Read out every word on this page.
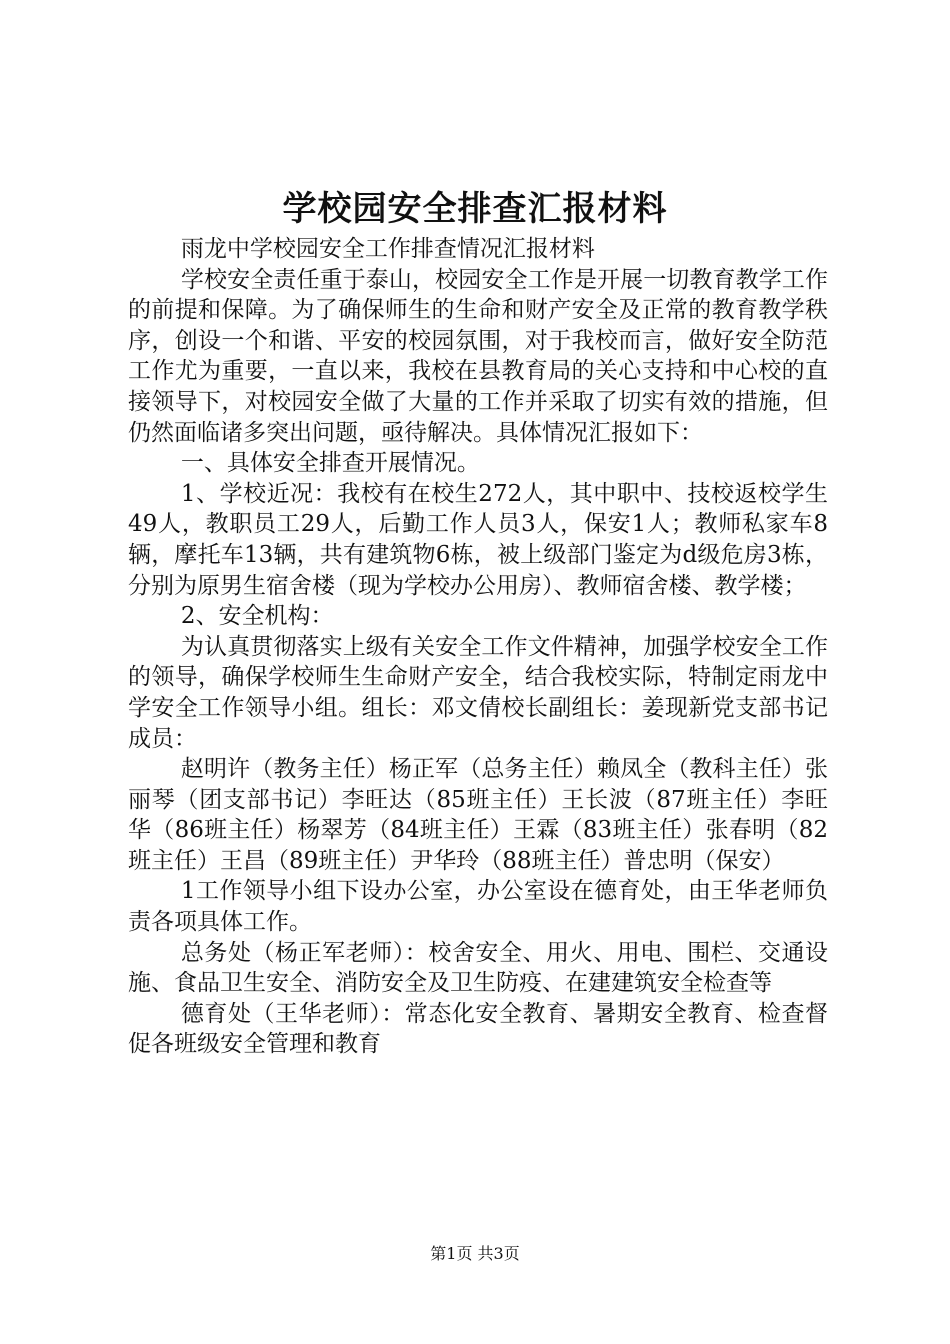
学校园安全排查汇报材料

雨龙中学校园安全工作排查情况汇报材料

学校安全责任重于泰山，校园安全工作是开展一切教育教学工作的前提和保障。为了确保师生的生命和财产安全及正常的教育教学秩序，创设一个和谐、平安的校园氛围，对于我校而言，做好安全防范工作尤为重要，一直以来，我校在县教育局的关心支持和中心校的直接领导下，对校园安全做了大量的工作并采取了切实有效的措施，但仍然面临诸多突出问题，亟待解决。具体情况汇报如下：

一、具体安全排查开展情况。

1、学校近况：我校有在校生272人，其中职中、技校返校学生49人，教职员工29人，后勤工作人员3人，保安1人；教师私家车8辆，摩托车13辆，共有建筑物6栋，被上级部门鉴定为d级危房3栋，分别为原男生宿舍楼（现为学校办公用房）、教师宿舍楼、教学楼；

2、安全机构：

为认真贯彻落实上级有关安全工作文件精神，加强学校安全工作的领导，确保学校师生生命财产安全，结合我校实际，特制定雨龙中学安全工作领导小组。组长：邓文倩校长副组长：姜现新党支部书记成员：

赵明许（教务主任）杨正军（总务主任）赖凤全（教科主任）张丽琴（团支部书记）李旺达（85班主任）王长波（87班主任）李旺华（86班主任）杨翠芳（84班主任）王霖（83班主任）张春明（82班主任）王昌（89班主任）尹华玲（88班主任）普忠明（保安）

1工作领导小组下设办公室，办公室设在德育处，由王华老师负责各项具体工作。

总务处（杨正军老师）：校舍安全、用火、用电、围栏、交通设施、食品卫生安全、消防安全及卫生防疫、在建建筑安全检查等

德育处（王华老师）：常态化安全教育、暑期安全教育、检查督促各班级安全管理和教育

第1页 共3页
